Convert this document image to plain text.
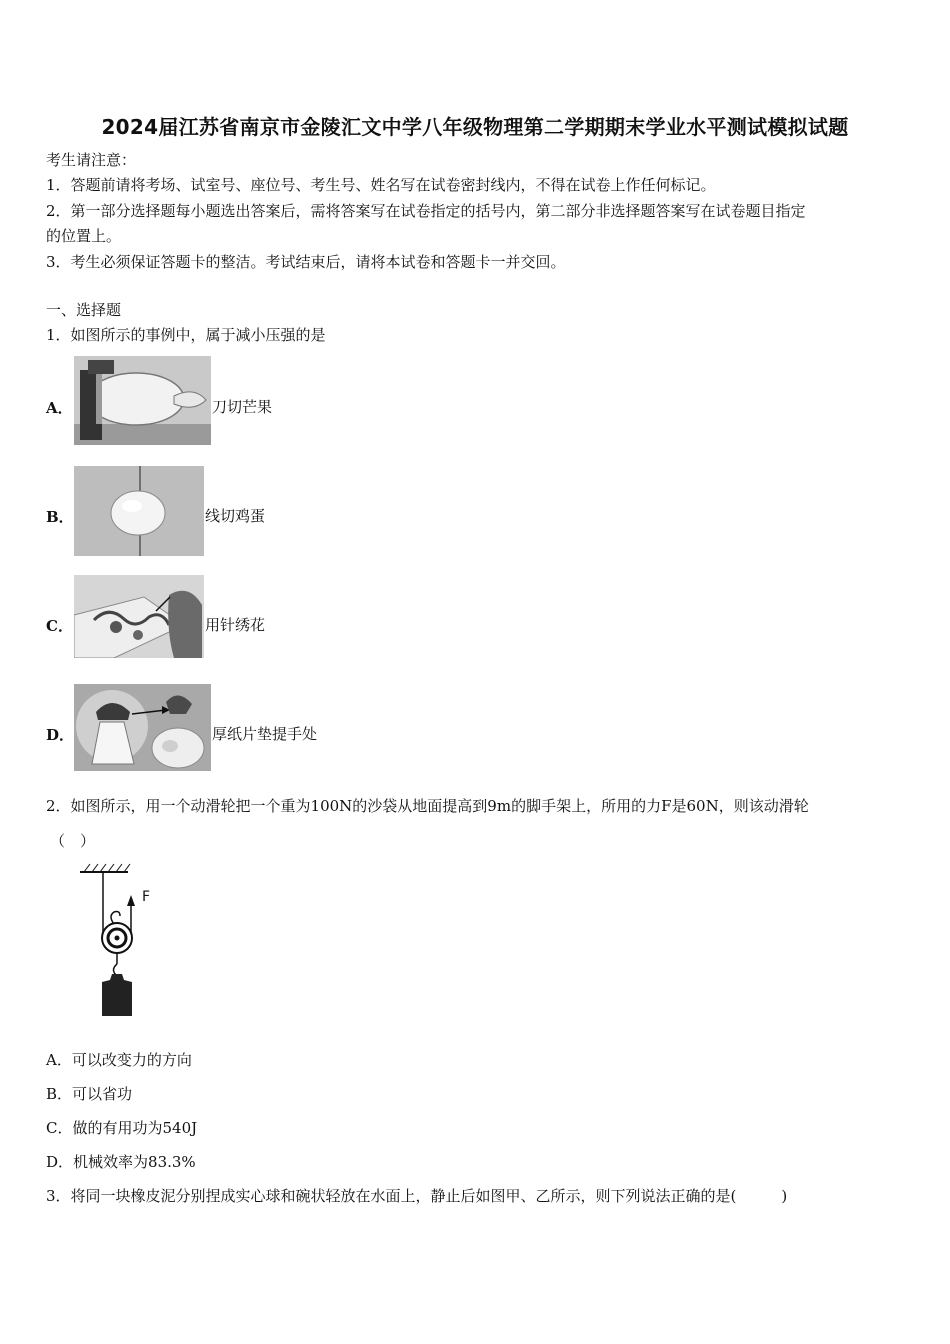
2024届江苏省南京市金陵汇文中学八年级物理第二学期期末学业水平测试模拟试题
考生请注意：
1．答题前请将考场、试室号、座位号、考生号、姓名写在试卷密封线内，不得在试卷上作任何标记。
2．第一部分选择题每小题选出答案后，需将答案写在试卷指定的括号内，第二部分非选择题答案写在试卷题目指定
的位置上。
3．考生必须保证答题卡的整洁。考试结束后，请将本试卷和答题卡一并交回。
一、选择题
1．如图所示的事例中，属于减小压强的是
A．	刀切芒果
B．	线切鸡蛋
C．	用针绣花
D．	厚纸片垫提手处
2．如图所示，用一个动滑轮把一个重为100N的沙袋从地面提高到9m的脚手架上，所用的力F是60N，则该动滑轮
（　）
F
A．可以改变力的方向
B．可以省功
C．做的有用功为540J
D．机械效率为83.3%
3．将同一块橡皮泥分别捏成实心球和碗状轻放在水面上，静止后如图甲、乙所示，则下列说法正确的是(　　　)
